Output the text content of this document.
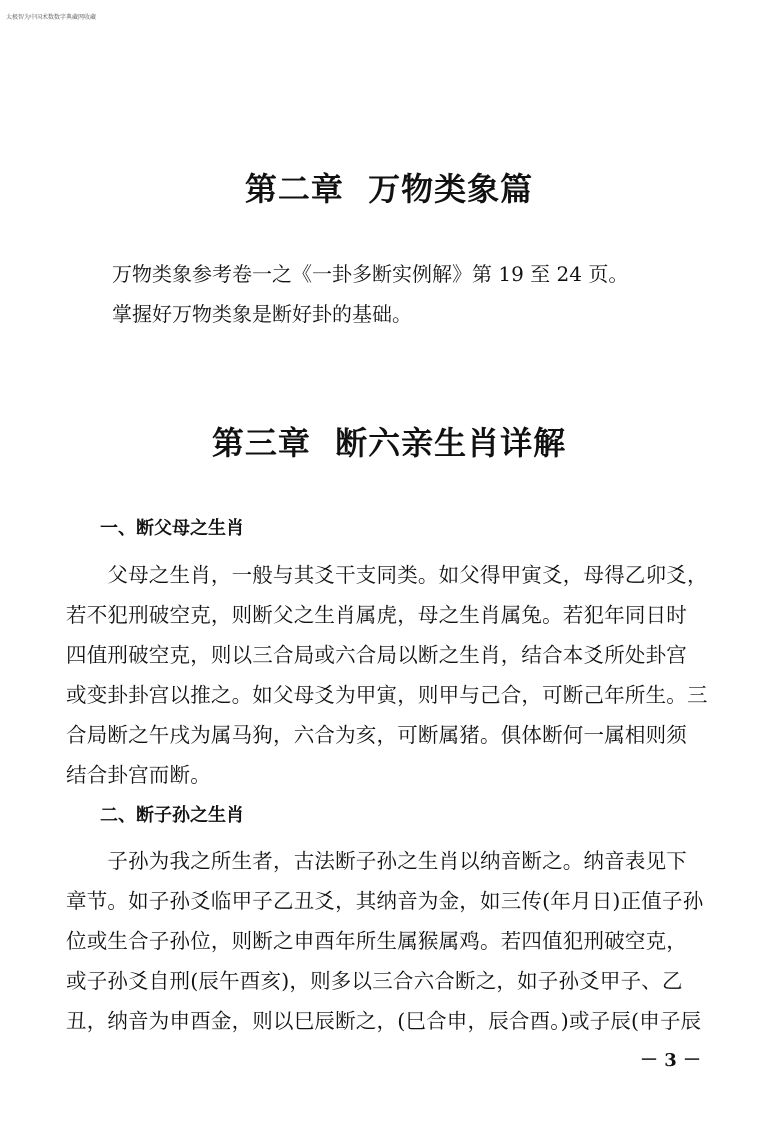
太极智为中国术数数字典藏网收藏
第二章  万物类象篇
万物类象参考卷一之《一卦多断实例解》第 19 至 24 页。
掌握好万物类象是断好卦的基础。
第三章  断六亲生肖详解
一、断父母之生肖
　　父母之生肖，一般与其爻干支同类。如父得甲寅爻，母得乙卯爻，
若不犯刑破空克，则断父之生肖属虎，母之生肖属兔。若犯年同日时
四值刑破空克，则以三合局或六合局以断之生肖，结合本爻所处卦宫
或变卦卦宫以推之。如父母爻为甲寅，则甲与己合，可断己年所生。三
合局断之午戌为属马狗，六合为亥，可断属猪。俱体断何一属相则须
结合卦宫而断。
二、断子孙之生肖
　　子孙为我之所生者，古法断子孙之生肖以纳音断之。纳音表见下
章节。如子孙爻临甲子乙丑爻，其纳音为金，如三传(年月日)正值子孙
位或生合子孙位，则断之申酉年所生属猴属鸡。若四值犯刑破空克，
或子孙爻自刑(辰午酉亥)，则多以三合六合断之，如子孙爻甲子、乙
丑，纳音为申酉金，则以巳辰断之，(巳合申，辰合酉。)或子辰(申子辰
－ 3 －
